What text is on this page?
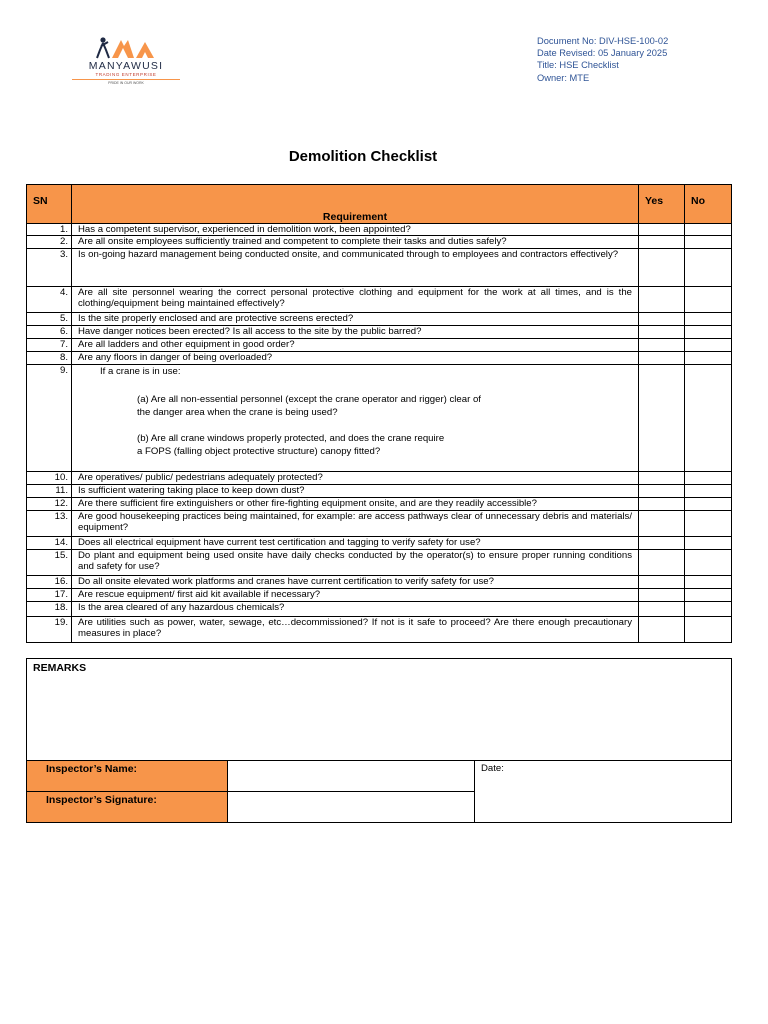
MANYAWUSI
TRADING ENTERPRISE
PRIDE IN OUR WORK
Document No: DIV-HSE-100-02
Date Revised: 05 January 2025
Title: HSE Checklist
Owner: MTE
Demolition Checklist
SN	Requirement	Yes	No
1.	Has a competent supervisor, experienced in demolition work, been appointed?		
2.	Are all onsite employees sufficiently trained and competent to complete their tasks and duties safely?		
3.	Is on-going hazard management being conducted onsite, and communicated through to employees and contractors effectively?		
4.	Are all site personnel wearing the correct personal protective clothing and equipment for the work at all times, and is the clothing/equipment being maintained effectively?		
5.	Is the site properly enclosed and are protective screens erected?		
6.	Have danger notices been erected? Is all access to the site by the public barred?		
7.	Are all ladders and other equipment in good order?		
8.	Are any floors in danger of being overloaded?		
9.	If a crane is in use:
(a) Are all non-essential personnel (except the crane operator and rigger) clear of
the danger area when the crane is being used?
(b) Are all crane windows properly protected, and does the crane require
a FOPS (falling object protective structure) canopy fitted?		

10.	Are operatives/ public/ pedestrians adequately protected?		
11.	Is sufficient watering taking place to keep down dust?		
12.	Are there sufficient fire extinguishers or other fire-fighting equipment onsite, and are they readily accessible?		
13.	Are good housekeeping practices being maintained, for example: are access pathways clear of unnecessary debris and materials/ equipment?		
14.	Does all electrical equipment have current test certification and tagging to verify safety for use?		
15.	Do plant and equipment being used onsite have daily checks conducted by the operator(s) to ensure proper running conditions and safety for use?		
16.	Do all onsite elevated work platforms and cranes have current certification to verify safety for use?		
17.	Are rescue equipment/ first aid kit available if necessary?		
18.	Is the area cleared of any hazardous chemicals?		
19.	Are utilities such as power, water, sewage, etc…decommissioned? If not is it safe to proceed? Are there enough precautionary measures in place?		
REMARKS		
Inspector’s Name:		Date:
Inspector’s Signature:		
